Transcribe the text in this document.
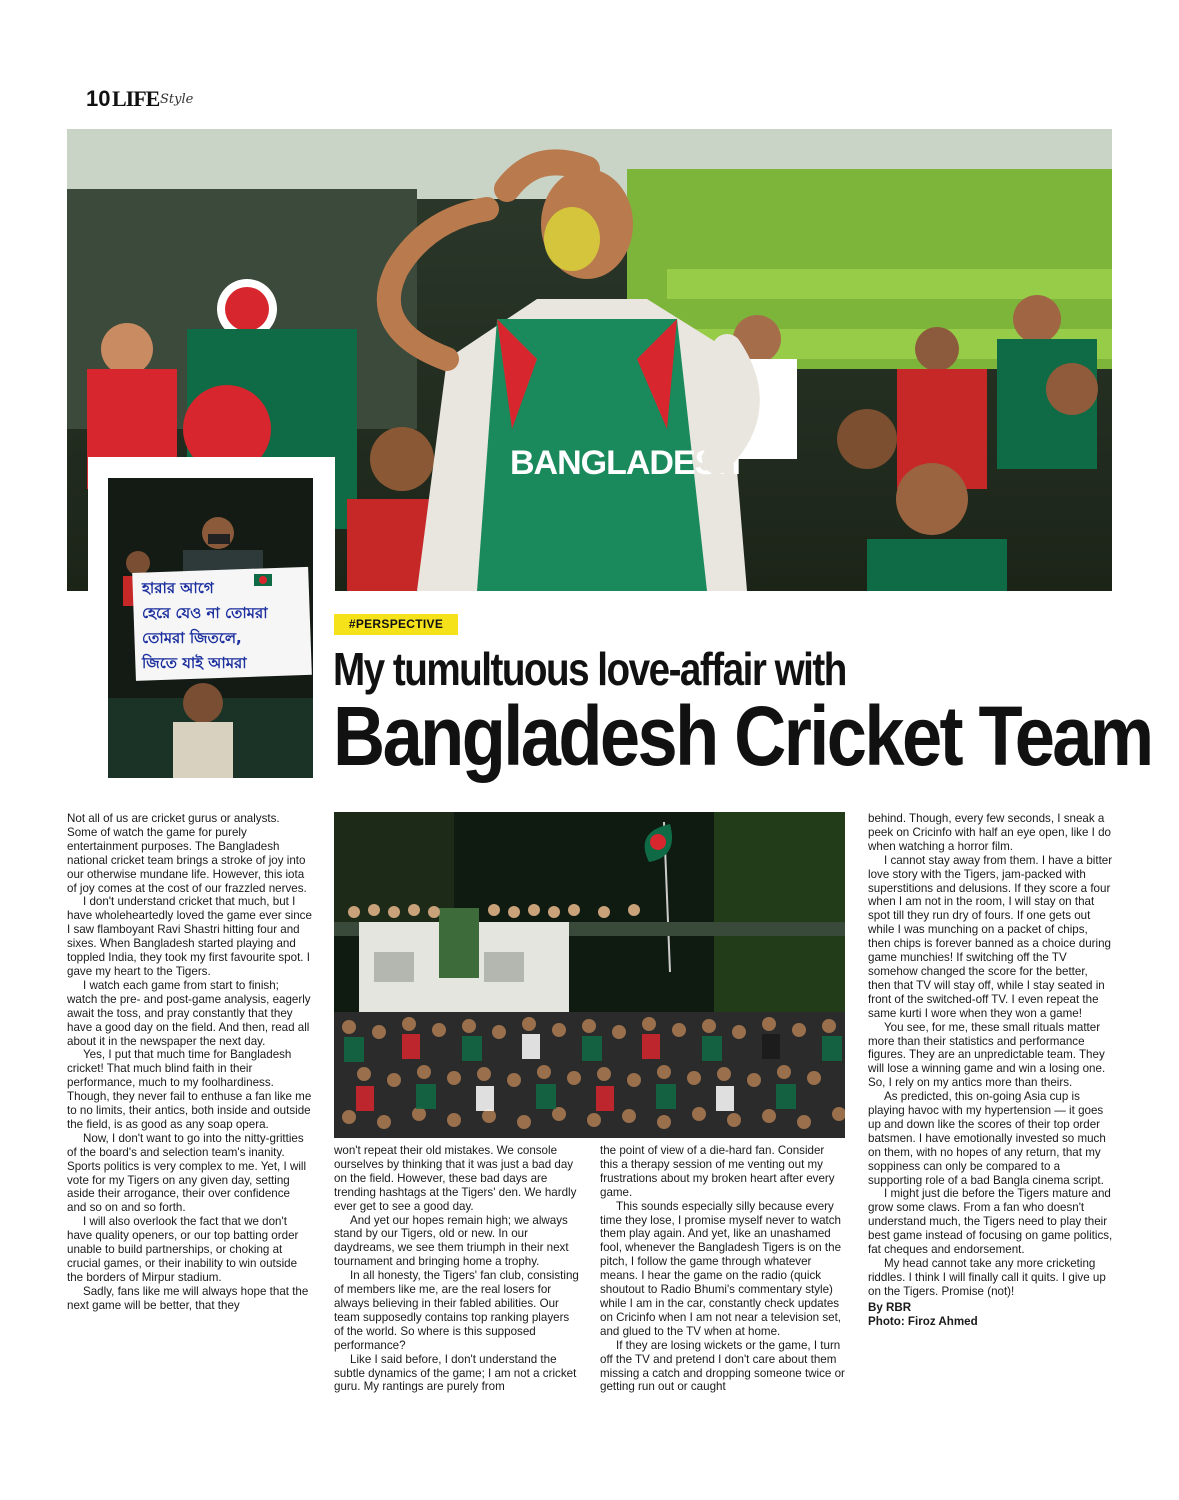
10 LIFE Style
BANGLADESH
হারার আগে
হেরে যেও না তোমরা
তোমরা জিতলে,
জিতে যাই আমরা
#PERSPECTIVE
My tumultuous love-affair with
Bangladesh Cricket Team

Not all of us are cricket gurus or analysts. Some of watch the game for purely entertainment purposes. The Bangladesh national cricket team brings a stroke of joy into our otherwise mundane life. However, this iota of joy comes at the cost of our frazzled nerves.

I don't understand cricket that much, but I have wholeheartedly loved the game ever since I saw flamboyant Ravi Shastri hitting four and sixes. When Bangladesh started playing and toppled India, they took my first favourite spot. I gave my heart to the Tigers.

I watch each game from start to finish; watch the pre- and post-game analysis, eagerly await the toss, and pray constantly that they have a good day on the field. And then, read all about it in the newspaper the next day.

Yes, I put that much time for Bangladesh cricket! That much blind faith in their performance, much to my foolhardiness. Though, they never fail to enthuse a fan like me to no limits, their antics, both inside and outside the field, is as good as any soap opera.

Now, I don't want to go into the nitty-gritties of the board's and selection team's inanity. Sports politics is very complex to me. Yet, I will vote for my Tigers on any given day, setting aside their arrogance, their over confidence and so on and so forth.

I will also overlook the fact that we don't have quality openers, or our top batting order unable to build partnerships, or choking at crucial games, or their inability to win outside the borders of Mirpur stadium.

Sadly, fans like me will always hope that the next game will be better, that they

won't repeat their old mistakes. We console ourselves by thinking that it was just a bad day on the field. However, these bad days are trending hashtags at the Tigers' den. We hardly ever get to see a good day.

And yet our hopes remain high; we always stand by our Tigers, old or new. In our daydreams, we see them triumph in their next tournament and bringing home a trophy.

In all honesty, the Tigers' fan club, consisting of members like me, are the real losers for always believing in their fabled abilities. Our team supposedly contains top ranking players of the world. So where is this supposed performance?

Like I said before, I don't understand the subtle dynamics of the game; I am not a cricket guru. My rantings are purely from

the point of view of a die-hard fan. Consider this a therapy session of me venting out my frustrations about my broken heart after every game.

This sounds especially silly because every time they lose, I promise myself never to watch them play again. And yet, like an unashamed fool, whenever the Bangladesh Tigers is on the pitch, I follow the game through whatever means. I hear the game on the radio (quick shoutout to Radio Bhumi's commentary style) while I am in the car, constantly check updates on Cricinfo when I am not near a television set, and glued to the TV when at home.

If they are losing wickets or the game, I turn off the TV and pretend I don't care about them missing a catch and dropping someone twice or getting run out or caught

behind. Though, every few seconds, I sneak a peek on Cricinfo with half an eye open, like I do when watching a horror film.

I cannot stay away from them. I have a bitter love story with the Tigers, jam-packed with superstitions and delusions. If they score a four when I am not in the room, I will stay on that spot till they run dry of fours. If one gets out while I was munching on a packet of chips, then chips is forever banned as a choice during game munchies! If switching off the TV somehow changed the score for the better, then that TV will stay off, while I stay seated in front of the switched-off TV. I even repeat the same kurti I wore when they won a game!

You see, for me, these small rituals matter more than their statistics and performance figures. They are an unpredictable team. They will lose a winning game and win a losing one. So, I rely on my antics more than theirs.

As predicted, this on-going Asia cup is playing havoc with my hypertension — it goes up and down like the scores of their top order batsmen. I have emotionally invested so much on them, with no hopes of any return, that my soppiness can only be compared to a supporting role of a bad Bangla cinema script.

I might just die before the Tigers mature and grow some claws. From a fan who doesn't understand much, the Tigers need to play their best game instead of focusing on game politics, fat cheques and endorsement.

My head cannot take any more cricketing riddles. I think I will finally call it quits. I give up on the Tigers. Promise (not)!

By RBR
Photo: Firoz Ahmed
